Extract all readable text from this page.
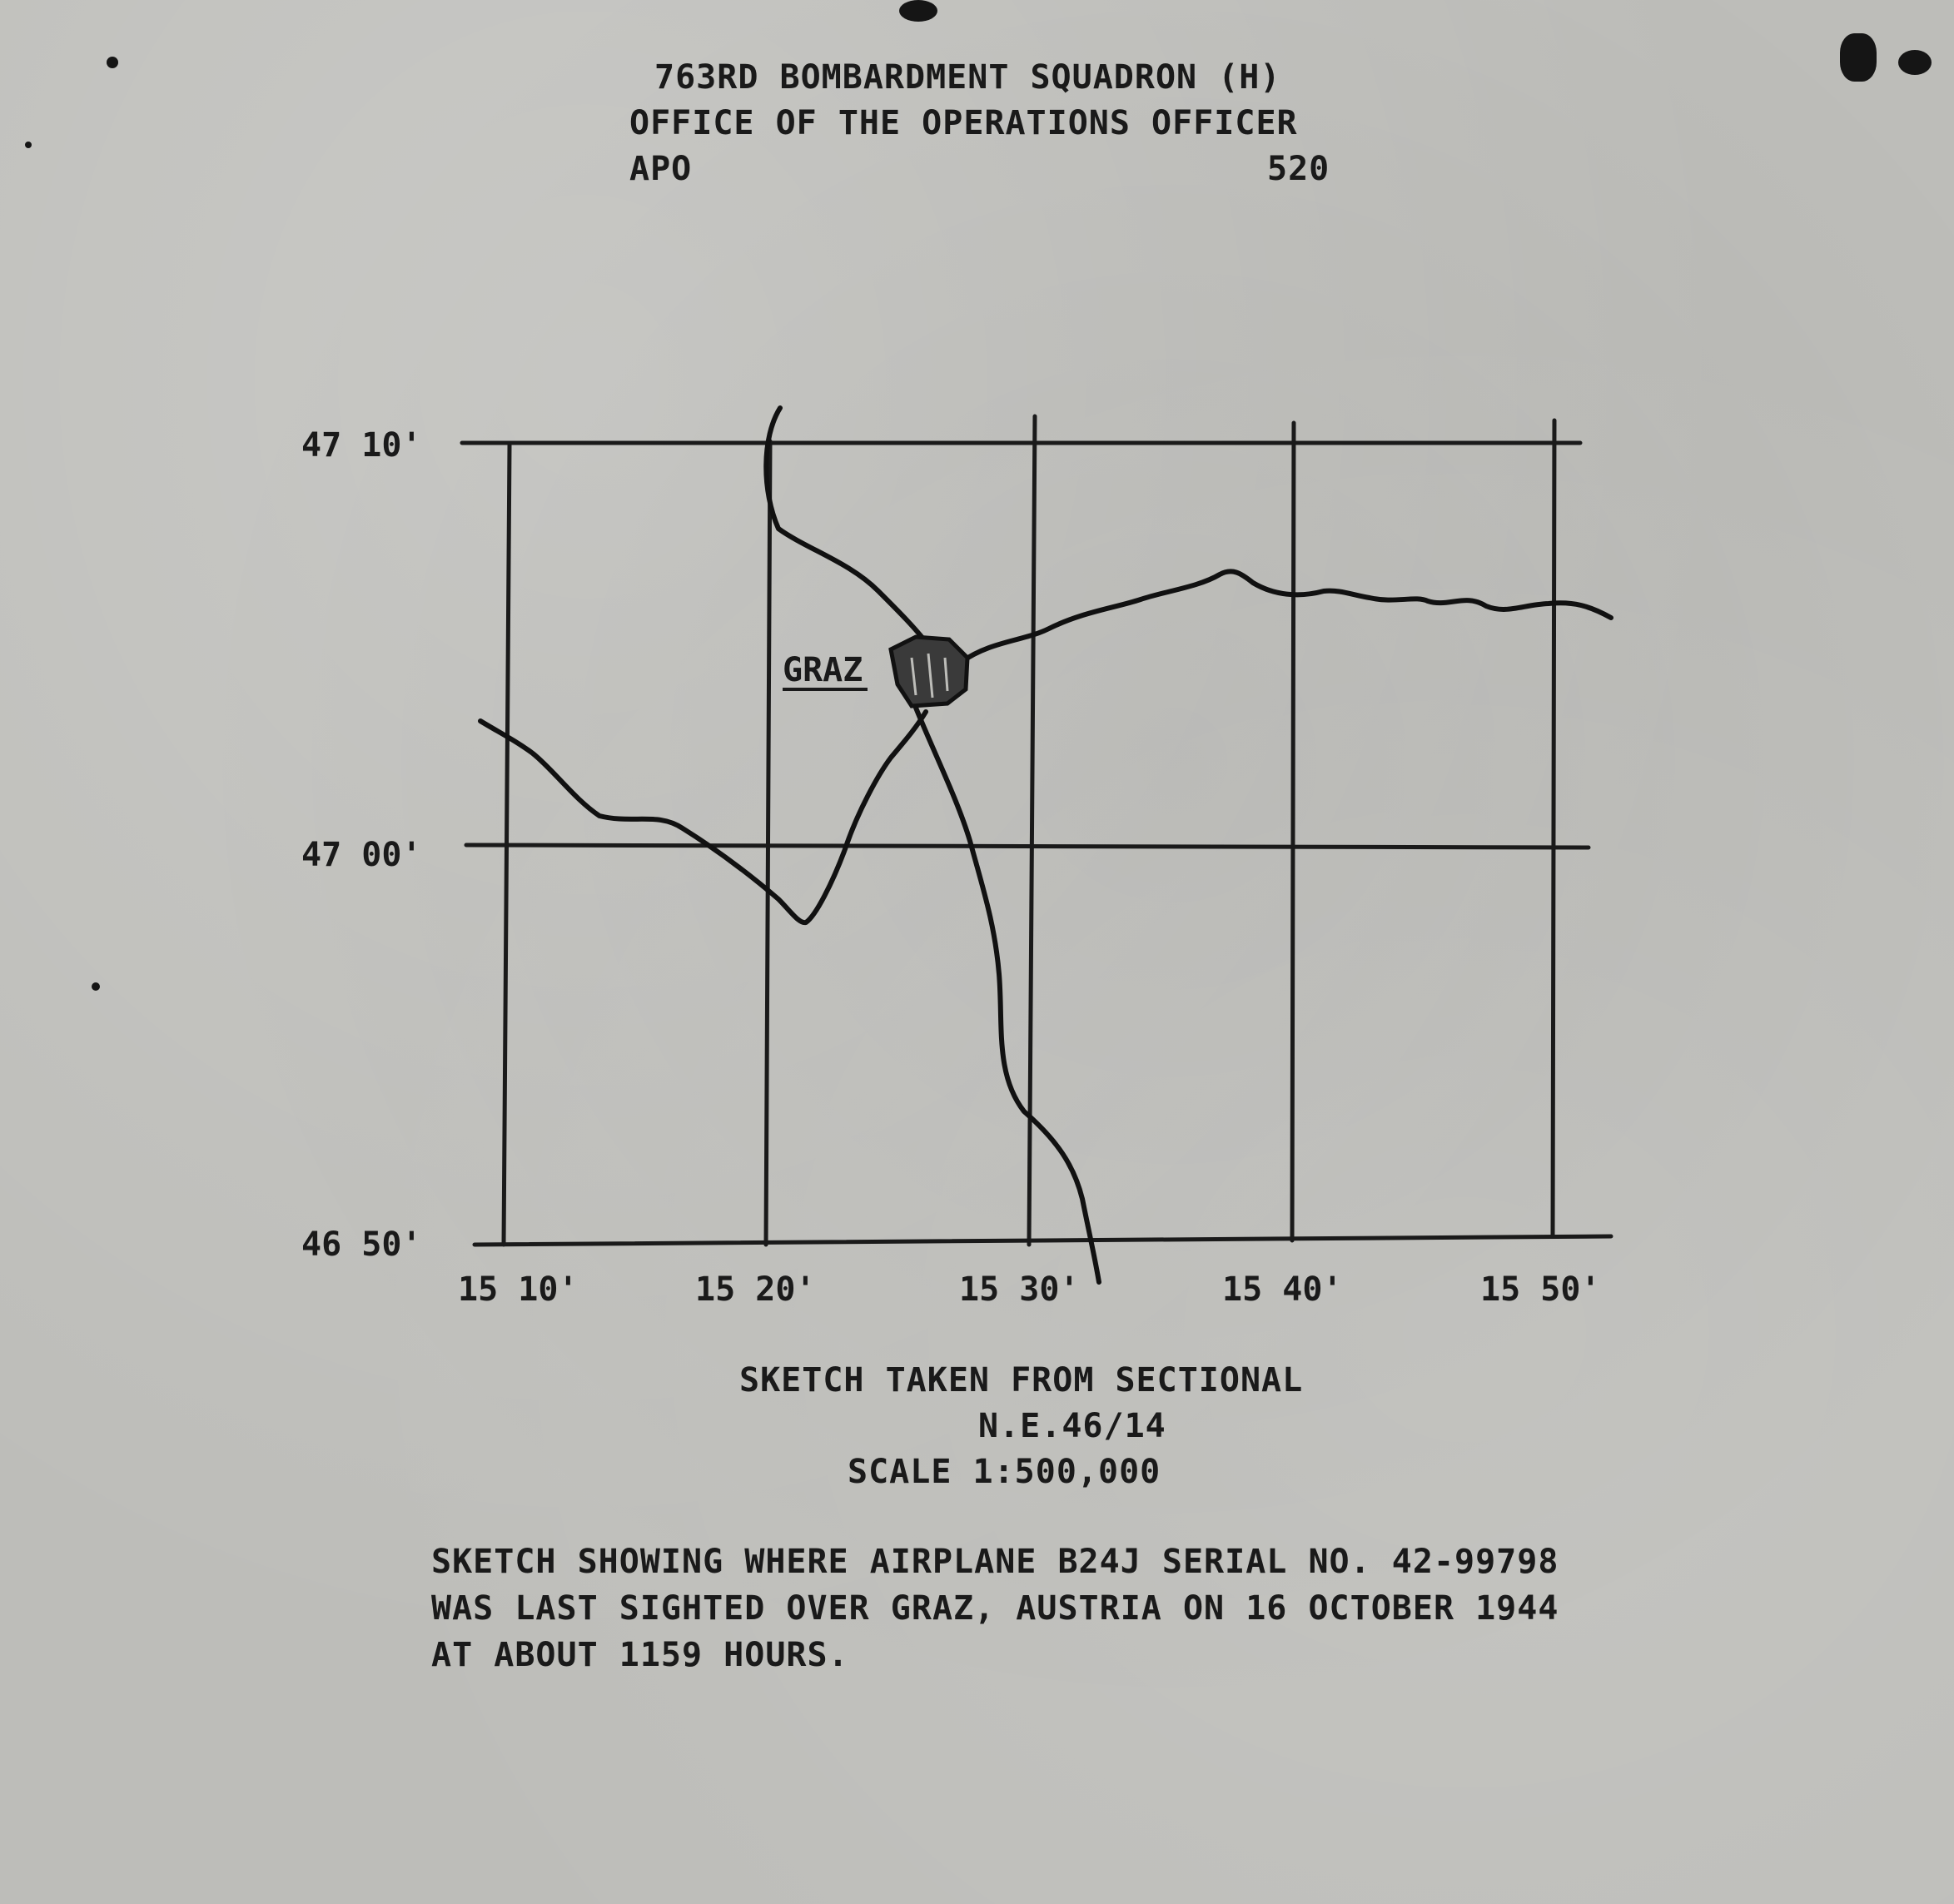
763RD BOMBARDMENT SQUADRON (H)
OFFICE OF THE OPERATIONS OFFICER
APO	520
GRAZ
47 10'
47 00'
46 50'
15 10'	15 20'	15 30'	15 40'	15 50'
SKETCH TAKEN FROM SECTIONAL
N.E.46/14
SCALE 1:500,000
SKETCH SHOWING WHERE AIRPLANE B24J SERIAL NO. 42-99798
WAS LAST SIGHTED OVER GRAZ, AUSTRIA ON 16 OCTOBER 1944
AT ABOUT 1159 HOURS.
